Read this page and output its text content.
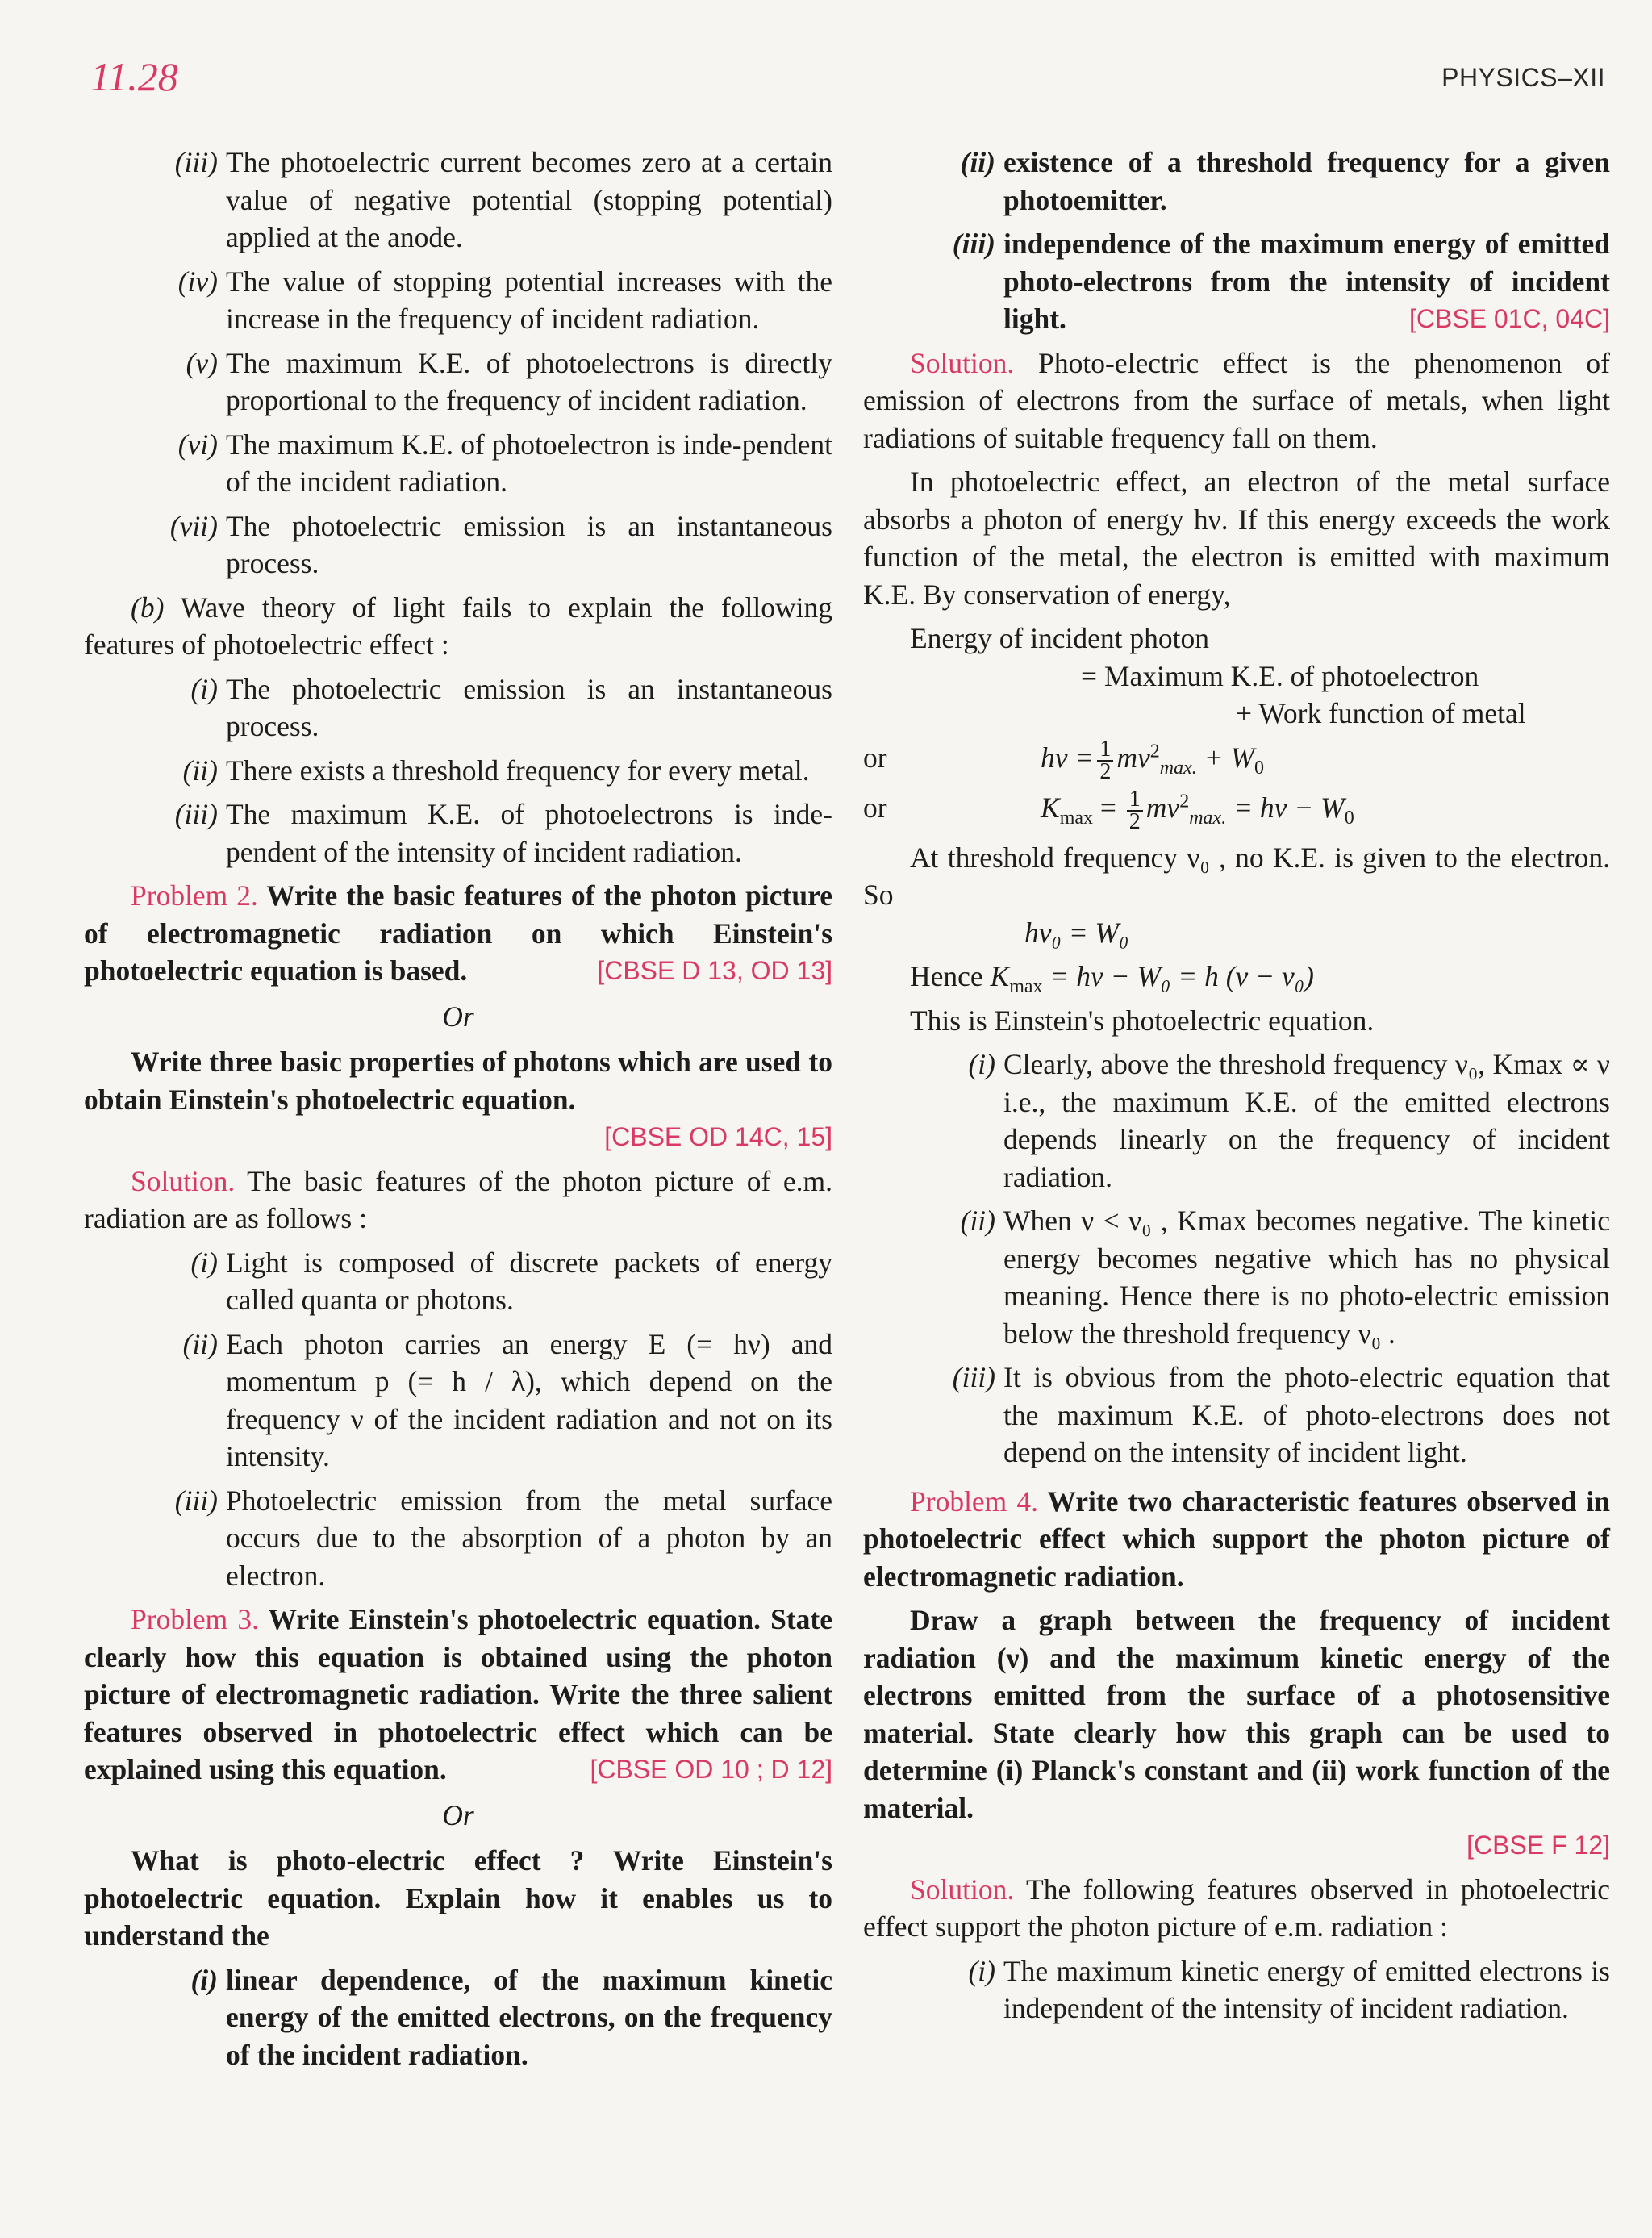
11.28	PHYSICS–XII
(iii) The photoelectric current becomes zero at a certain value of negative potential (stopping potential) applied at the anode.
(iv) The value of stopping potential increases with the increase in the frequency of incident radiation.
(v) The maximum K.E. of photoelectrons is directly proportional to the frequency of incident radiation.
(vi) The maximum K.E. of photoelectron is inde-pendent of the incident radiation.
(vii) The photoelectric emission is an instantaneous process.

(b) Wave theory of light fails to explain the following features of photoelectric effect :

(i) The photoelectric emission is an instantaneous process.
(ii) There exists a threshold frequency for every metal.
(iii) The maximum K.E. of photoelectrons is inde-pendent of the intensity of incident radiation.

Problem 2. Write the basic features of the photon picture of electromagnetic radiation on which Einstein's photoelectric equation is based.	[CBSE D 13, OD 13]

Or

Write three basic properties of photons which are used to obtain Einstein's photoelectric equation.

[CBSE OD 14C, 15]

Solution. The basic features of the photon picture of e.m. radiation are as follows :

(i) Light is composed of discrete packets of energy called quanta or photons.
(ii) Each photon carries an energy E (= hν) and momentum p (= h / λ), which depend on the frequency ν of the incident radiation and not on its intensity.
(iii) Photoelectric emission from the metal surface occurs due to the absorption of a photon by an electron.

Problem 3. Write Einstein's photoelectric equation. State clearly how this equation is obtained using the photon picture of electromagnetic radiation. Write the three salient features observed in photoelectric effect which can be explained using this equation.	[CBSE OD 10 ; D 12]

Or

What is photo-electric effect ? Write Einstein's photoelectric equation. Explain how it enables us to understand the

(i) linear dependence, of the maximum kinetic energy of the emitted electrons, on the frequency of the incident radiation.
(ii) existence of a threshold frequency for a given photoemitter.
(iii) independence of the maximum energy of emitted photo-electrons from the intensity of incident light.	[CBSE 01C, 04C]

Solution. Photo-electric effect is the phenomenon of emission of electrons from the surface of metals, when light radiations of suitable frequency fall on them.

In photoelectric effect, an electron of the metal surface absorbs a photon of energy hν. If this energy exceeds the work function of the metal, the electron is emitted with maximum K.E. By conservation of energy,

Energy of incident photon

= Maximum K.E. of photoelectron

+ Work function of metal

or	$h\nu = \frac{1}{2} mv^2_{max.} + W_0$
or	$K_{max} = \frac{1}{2} mv^2_{max.} = h\nu - W_0$

At threshold frequency ν₀ , no K.E. is given to the electron. So

hν₀ = W₀
Hence $K_{max} = h\nu - W_0 = h$ (ν − ν₀)

This is Einstein's photoelectric equation.

(i) Clearly, above the threshold frequency ν₀, Kmax ∝ ν i.e., the maximum K.E. of the emitted electrons depends linearly on the frequency of incident radiation.
(ii) When ν < ν₀ , Kmax becomes negative. The kinetic energy becomes negative which has no physical meaning. Hence there is no photo-electric emission below the threshold frequency ν₀ .
(iii) It is obvious from the photo-electric equation that the maximum K.E. of photo-electrons does not depend on the intensity of incident light.

Problem 4. Write two characteristic features observed in photoelectric effect which support the photon picture of electromagnetic radiation.

Draw a graph between the frequency of incident radiation (ν) and the maximum kinetic energy of the electrons emitted from the surface of a photosensitive material. State clearly how this graph can be used to determine (i) Planck's constant and (ii) work function of the material.

[CBSE F 12]

Solution. The following features observed in photoelectric effect support the photon picture of e.m. radiation :

(i) The maximum kinetic energy of emitted electrons is independent of the intensity of incident radiation.
